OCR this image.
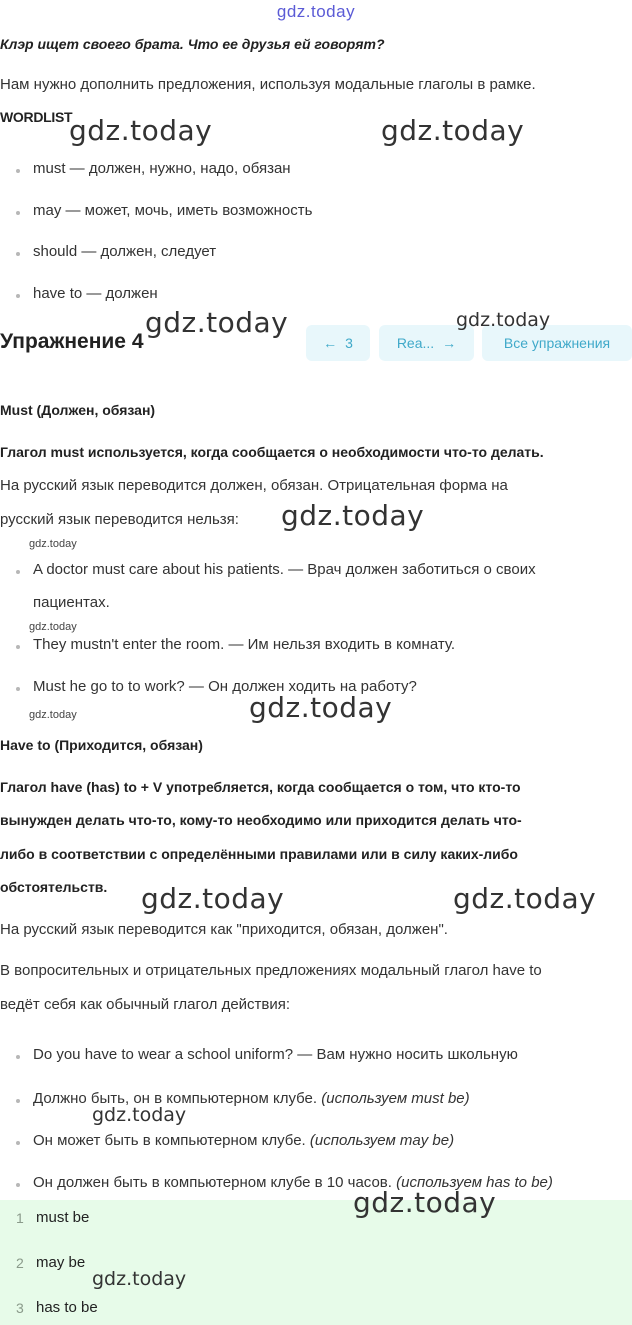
gdz.today
Клэр ищет своего брата. Что ее друзья ей говорят?
Нам нужно дополнить предложения, используя модальные глаголы в рамке.
WORDLIST
must — должен, нужно, надо, обязан
may — может, мочь, иметь возможность
should — должен, следует
have to — должен
Упражнение 4	← 3	Rea... →	Все упражнения
Must (Должен, обязан)
Глагол must используется, когда сообщается о необходимости что-то делать.
На русский язык переводится должен, обязан. Отрицательная форма на
русский язык переводится нельзя:
A doctor must care about his patients. — Врач должен заботиться о своих
пациентах.
They mustn't enter the room. — Им нельзя входить в комнату.
Must he go to to work? — Он должен ходить на работу?
Have to (Приходится, обязан)
Глагол have (has) to + V употребляется, когда сообщается о том, что кто-то
вынужден делать что-то, кому-то необходимо или приходится делать что-
либо в соответствии с определёнными правилами или в силу каких-либо
обстоятельств.
На русский язык переводится как "приходится, обязан, должен".
В вопросительных и отрицательных предложениях модальный глагол have to
ведёт себя как обычный глагол действия:
Do you have to wear a school uniform? — Вам нужно носить школьную
Должно быть, он в компьютерном клубе. (используем must be)
Он может быть в компьютерном клубе. (используем may be)
Он должен быть в компьютерном клубе в 10 часов. (используем has to be)
1 must be
2 may be
3 has to be
gdz.today	gdz.today
gdz.today	gdz.today
gdz.today
gdz.today
gdz.today
gdz.today
gdz.today
gdz.today	gdz.today
gdz.today
gdz.today
gdz.today
